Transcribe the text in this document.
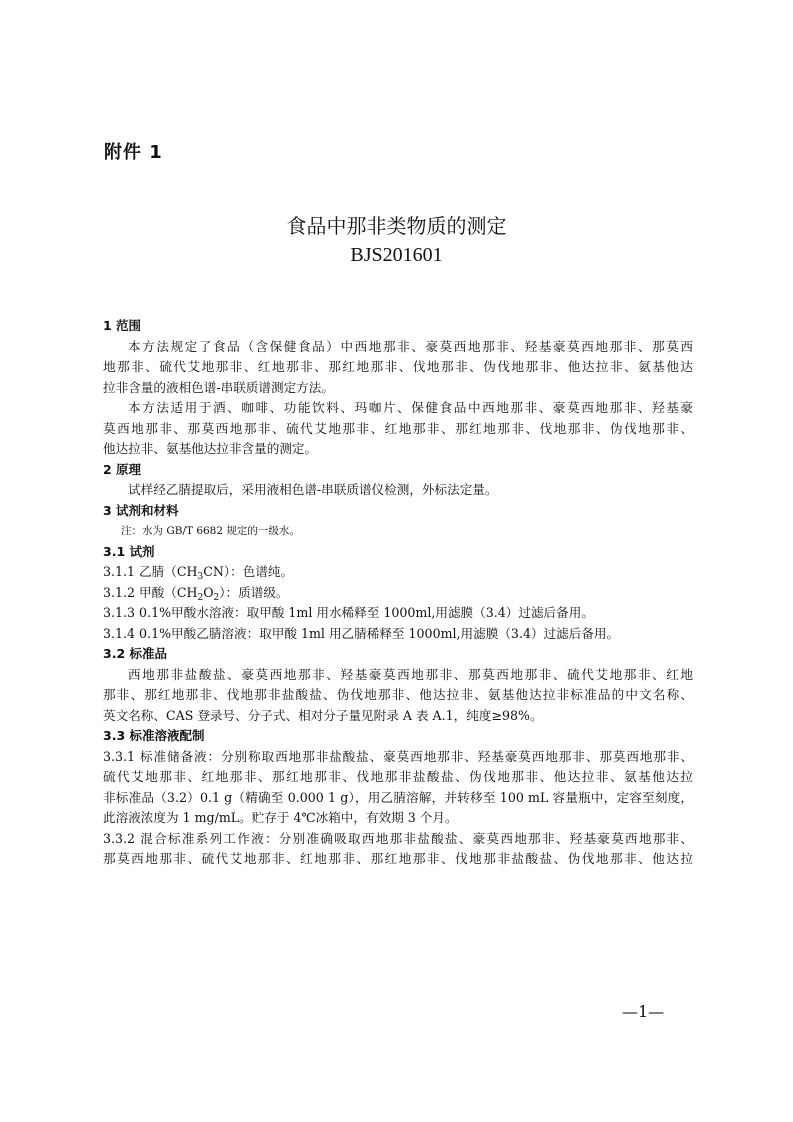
附件 1
食品中那非类物质的测定
BJS201601
1 范围
本方法规定了食品（含保健食品）中西地那非、豪莫西地那非、羟基豪莫西地那非、那莫西
地那非、硫代艾地那非、红地那非、那红地那非、伐地那非、伪伐地那非、他达拉非、氨基他达
拉非含量的液相色谱-串联质谱测定方法。
本方法适用于酒、咖啡、功能饮料、玛咖片、保健食品中西地那非、豪莫西地那非、羟基豪
莫西地那非、那莫西地那非、硫代艾地那非、红地那非、那红地那非、伐地那非、伪伐地那非、
他达拉非、氨基他达拉非含量的测定。
2 原理
试样经乙腈提取后，采用液相色谱-串联质谱仪检测，外标法定量。
3 试剂和材料
注：水为 GB/T 6682 规定的一级水。
3.1 试剂
3.1.1 乙腈$(CH_3CN)$：色谱纯。
3.1.2 甲酸$(CH_2O_2)$：质谱级。
3.1.3 0.1%甲酸水溶液：取甲酸 1ml 用水稀释至 1000ml,用滤膜（3.4）过滤后备用。
3.1.4 0.1%甲酸乙腈溶液：取甲酸 1ml 用乙腈稀释至 1000ml,用滤膜（3.4）过滤后备用。
3.2 标准品
西地那非盐酸盐、豪莫西地那非、羟基豪莫西地那非、那莫西地那非、硫代艾地那非、红地
那非、那红地那非、伐地那非盐酸盐、伪伐地那非、他达拉非、氨基他达拉非标准品的中文名称、
英文名称、CAS 登录号、分子式、相对分子量见附录 A 表 A.1，纯度≥98%。
3.3 标准溶液配制
3.3.1 标准储备液：分别称取西地那非盐酸盐、豪莫西地那非、羟基豪莫西地那非、那莫西地那非、
硫代艾地那非、红地那非、那红地那非、伐地那非盐酸盐、伪伐地那非、他达拉非、氨基他达拉
非标准品（3.2）0.1 g（精确至 0.000 1 g），用乙腈溶解，并转移至 100 mL 容量瓶中，定容至刻度，
此溶液浓度为 1 mg/mL。贮存于 4℃冰箱中，有效期 3 个月。
3.3.2 混合标准系列工作液：分别准确吸取西地那非盐酸盐、豪莫西地那非、羟基豪莫西地那非、
那莫西地那非、硫代艾地那非、红地那非、那红地那非、伐地那非盐酸盐、伪伐地那非、他达拉
—1—
